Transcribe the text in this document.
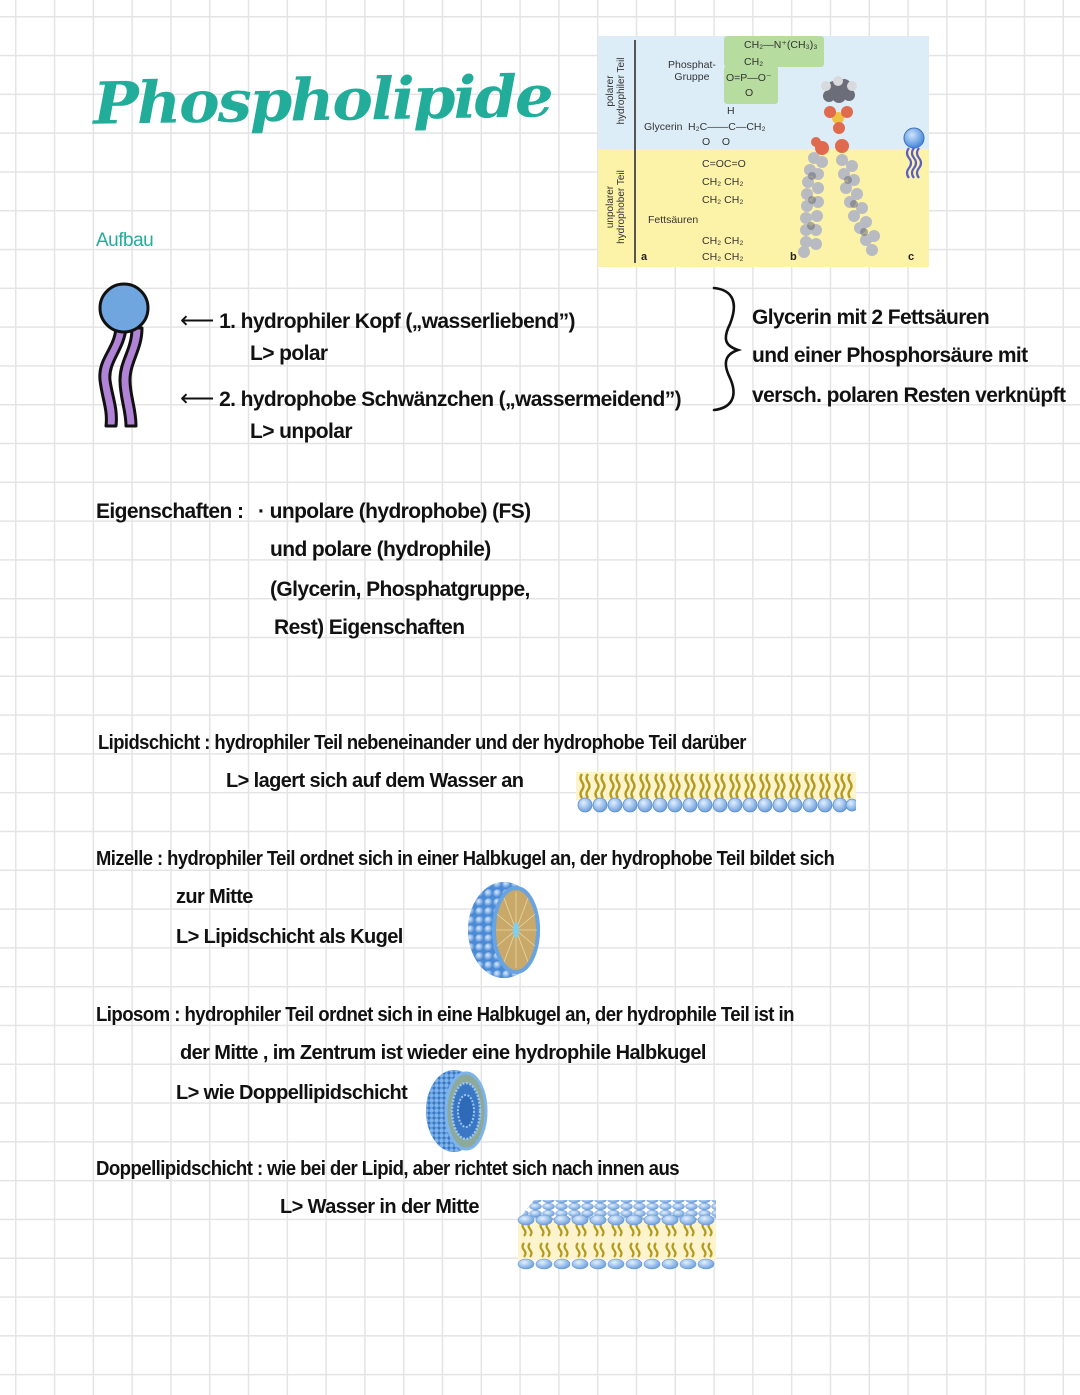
Phospholipide
Aufbau
polarer hydrophiler Teil
unpolarer hydrophober Teil
Phosphat-
Gruppe
CH₂—N⁺(CH₃)₃
CH₂
O=P—O⁻
O
H
Glycerin H₂C——C—CH₂
O    O
C=OC=O
CH₂ CH₂
CH₂ CH₂
Fettsäuren
CH₂ CH₂
CH₂ CH₂
a	b	c
⟵ 1. hydrophiler Kopf („wasserliebend”)
L> polar
⟵ 2. hydrophobe Schwänzchen („wassermeidend”)
L> unpolar
Glycerin mit 2 Fettsäuren
und einer Phosphorsäure mit
versch. polaren Resten verknüpft
Eigenschaften : · unpolare (hydrophobe) (FS)
und polare (hydrophile)
(Glycerin, Phosphatgruppe,
Rest) Eigenschaften
Lipidschicht : hydrophiler Teil nebeneinander und der hydrophobe Teil darüber
L> lagert sich auf dem Wasser an
Mizelle : hydrophiler Teil ordnet sich in einer Halbkugel an, der hydrophobe Teil bildet sich
zur Mitte
L> Lipidschicht als Kugel
Liposom : hydrophiler Teil ordnet sich in eine Halbkugel an, der hydrophile Teil ist in
der Mitte , im Zentrum ist wieder eine hydrophile Halbkugel
L> wie Doppellipidschicht
Doppellipidschicht : wie bei der Lipid, aber richtet sich nach innen aus
L> Wasser in der Mitte
